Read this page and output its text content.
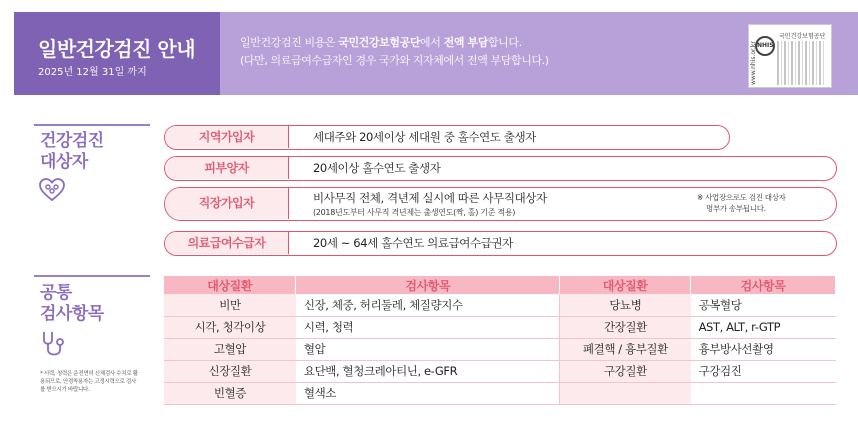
일반건강검진 안내
2025년 12월 31일 까지
일반건강검진 비용은 국민건강보험공단에서 전액 부담합니다.
(다만, 의료급여수급자인 경우 국가와 지자체에서 전액 부담합니다.)
NHIS
국민건강보험공단
www.nhis.or.kr
건강검진
대상자
지역가입자	세대주와 20세이상 세대원 중 홀수연도 출생자
피부양자	20세이상 홀수연도 출생자
직장가입자	비사무직 전체, 격년제 실시에 따른 사무직대상자
(2018년도부터 사무직 격년제는 출생연도(짝, 홀) 기준 적용)
※ 사업장으로도 검진 대상자
명부가 송부됩니다.
의료급여수급자	20세 ~ 64세 홀수연도 의료급여수급권자
공통
검사항목
* 시력, 청력은 운전면허 신체검사 수치로 활용되므로, 안경착용자는 고정시력으로 검사를 받으시기 바랍니다.
대상질환	검사항목	대상질환	검사항목
비만	신장, 체중, 허리둘레, 체질량지수	당뇨병	공복혈당
시각, 청각이상	시력, 청력	간장질환	AST, ALT, r-GTP
고혈압	혈압	폐결핵 / 흉부질환	흉부방사선촬영
신장질환	요단백, 혈청크레아티닌, e-GFR	구강질환	구강검진
빈혈증	혈색소		
